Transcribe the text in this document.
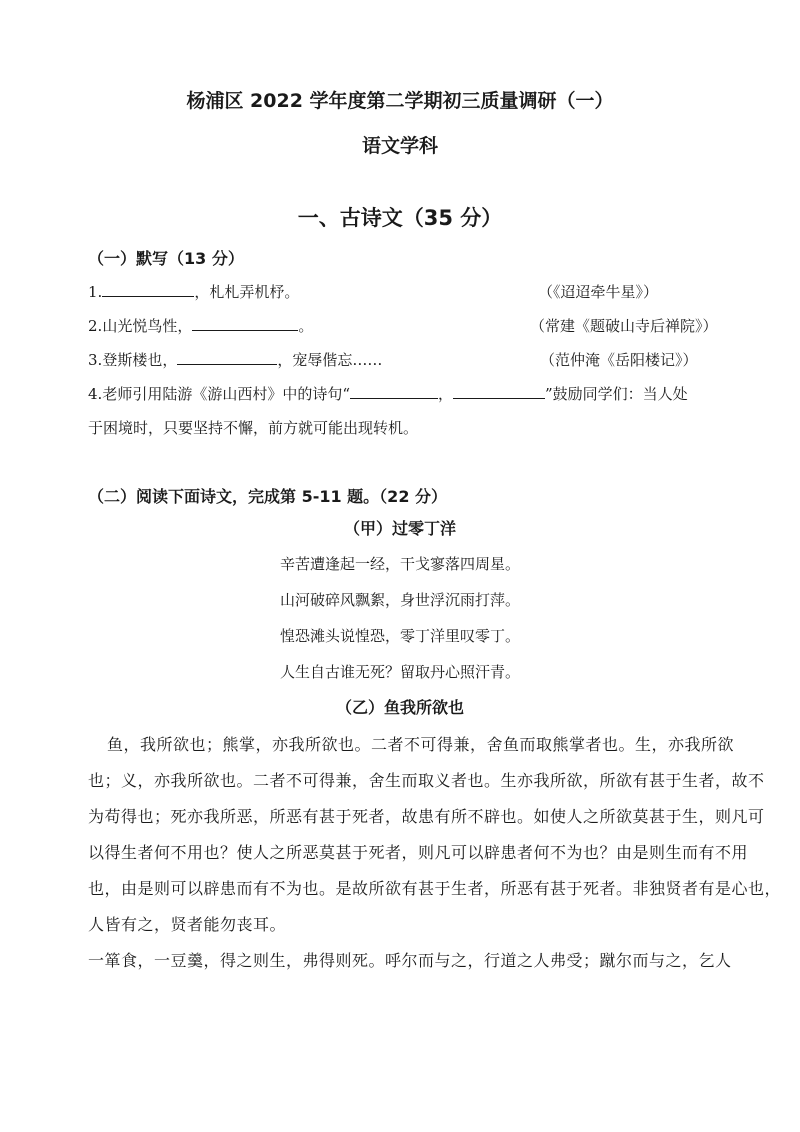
杨浦区 2022 学年度第二学期初三质量调研（一）
语文学科
一、古诗文（35 分）
（一）默写（13 分）
1.	，札札弄机杼。	（《迢迢牵牛星》）
2.山光悦鸟性，	。	（常建《题破山寺后禅院》）
3.登斯楼也，	，宠辱偕忘……	（范仲淹《岳阳楼记》）
4.老师引用陆游《游山西村》中的诗句“	，	”鼓励同学们：当人处
于困境时，只要坚持不懈，前方就可能出现转机。
（二）阅读下面诗文，完成第 5-11 题。（22 分）
（甲）过零丁洋
辛苦遭逢起一经，干戈寥落四周星。
山河破碎风飘絮，身世浮沉雨打萍。
惶恐滩头说惶恐，零丁洋里叹零丁。
人生自古谁无死？留取丹心照汗青。
（乙）鱼我所欲也
鱼，我所欲也；熊掌，亦我所欲也。二者不可得兼，舍鱼而取熊掌者也。生，亦我所欲
也；义，亦我所欲也。二者不可得兼，舍生而取义者也。生亦我所欲，所欲有甚于生者，故不
为苟得也；死亦我所恶，所恶有甚于死者，故患有所不辟也。如使人之所欲莫甚于生，则凡可
以得生者何不用也？使人之所恶莫甚于死者，则凡可以辟患者何不为也？由是则生而有不用
也，由是则可以辟患而有不为也。是故所欲有甚于生者，所恶有甚于死者。非独贤者有是心也，
人皆有之，贤者能勿丧耳。
一箪食，一豆羹，得之则生，弗得则死。呼尔而与之，行道之人弗受；蹴尔而与之，乞人
